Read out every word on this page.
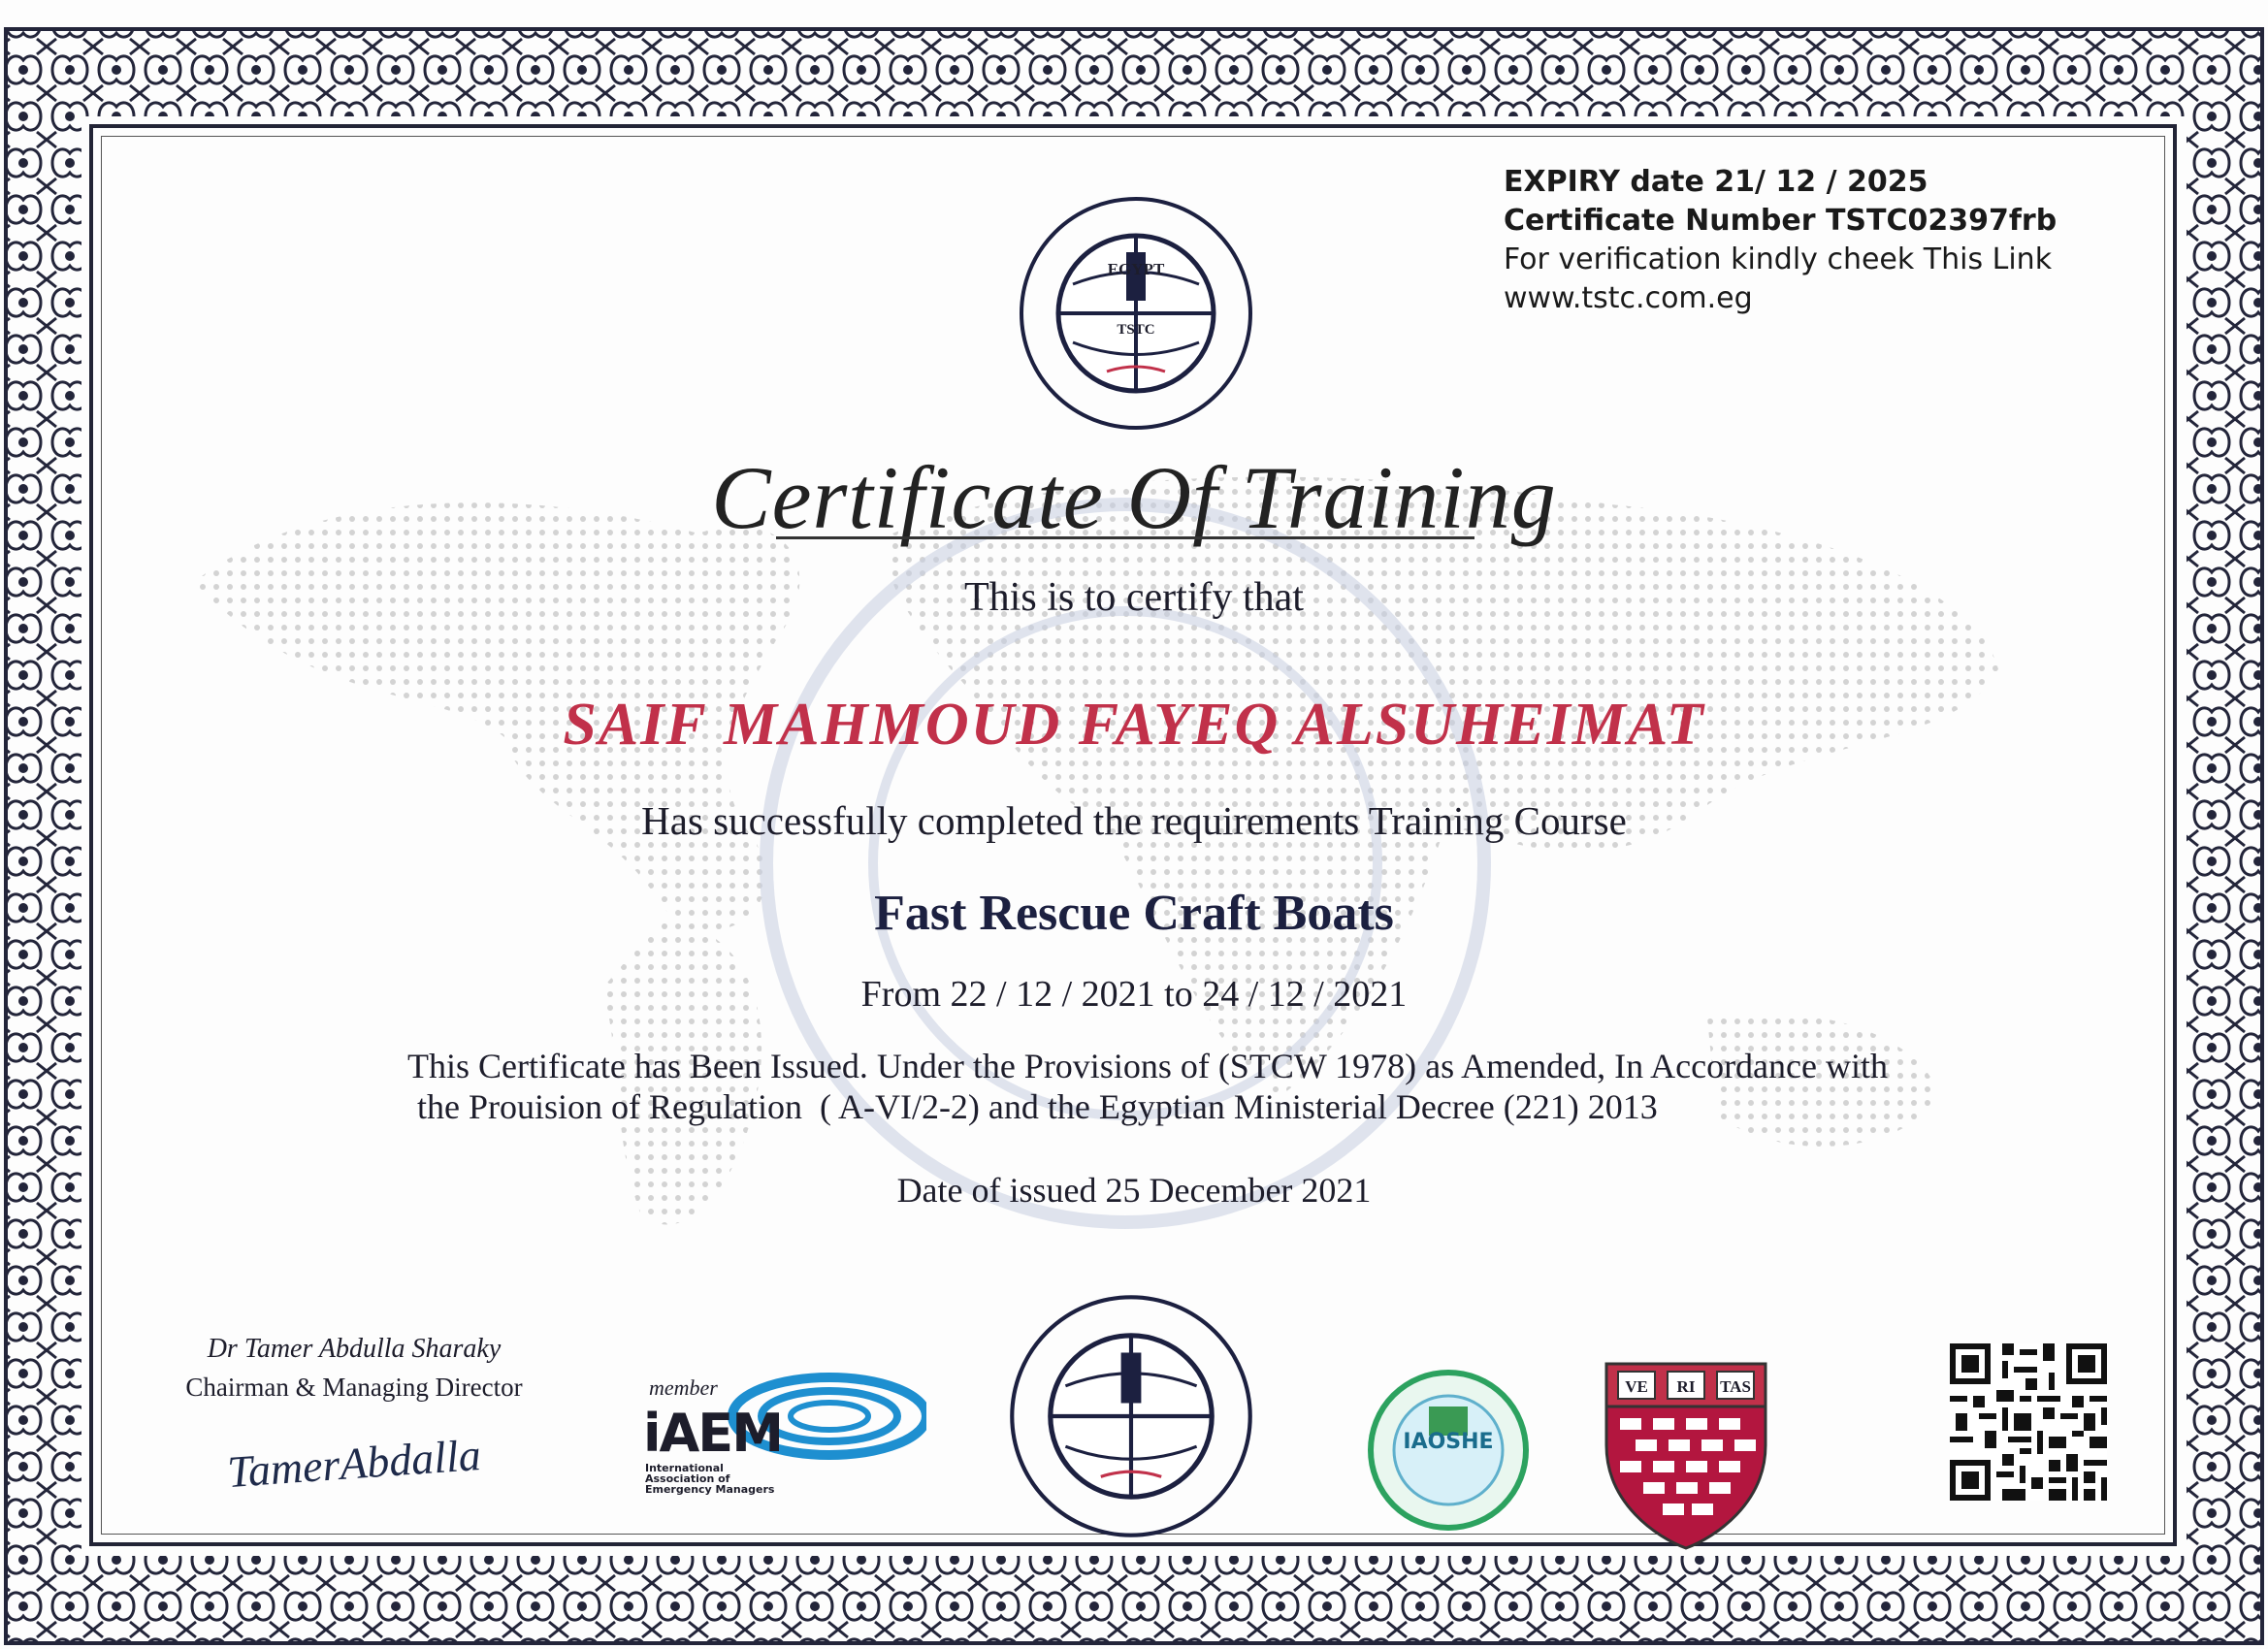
EGYPT
TSTC
EXPIRY date 21/ 12 / 2025
Certificate Number TSTC02397frb
For verification kindly cheek This Link
www.tstc.com.eg
Certificate Of Training
This is to certify that
SAIF MAHMOUD FAYEQ ALSUHEIMAT
Has successfully completed the requirements Training Course
Fast Rescue Craft Boats
From 22 / 12 / 2021 to 24 / 12 / 2021
This Certificate has Been Issued. Under the Provisions of (STCW 1978) as Amended, In Accordance with
the Prouision of Regulation  ( A-VI/2-2) and the Egyptian Ministerial Decree (221) 2013
Date of issued 25 December 2021
Dr Tamer Abdulla Sharaky
Chairman & Managing Director
TamerAbdalla
member
iAEM
International
Association of
Emergency Managers
IAOSHE
VE	RI	TAS
